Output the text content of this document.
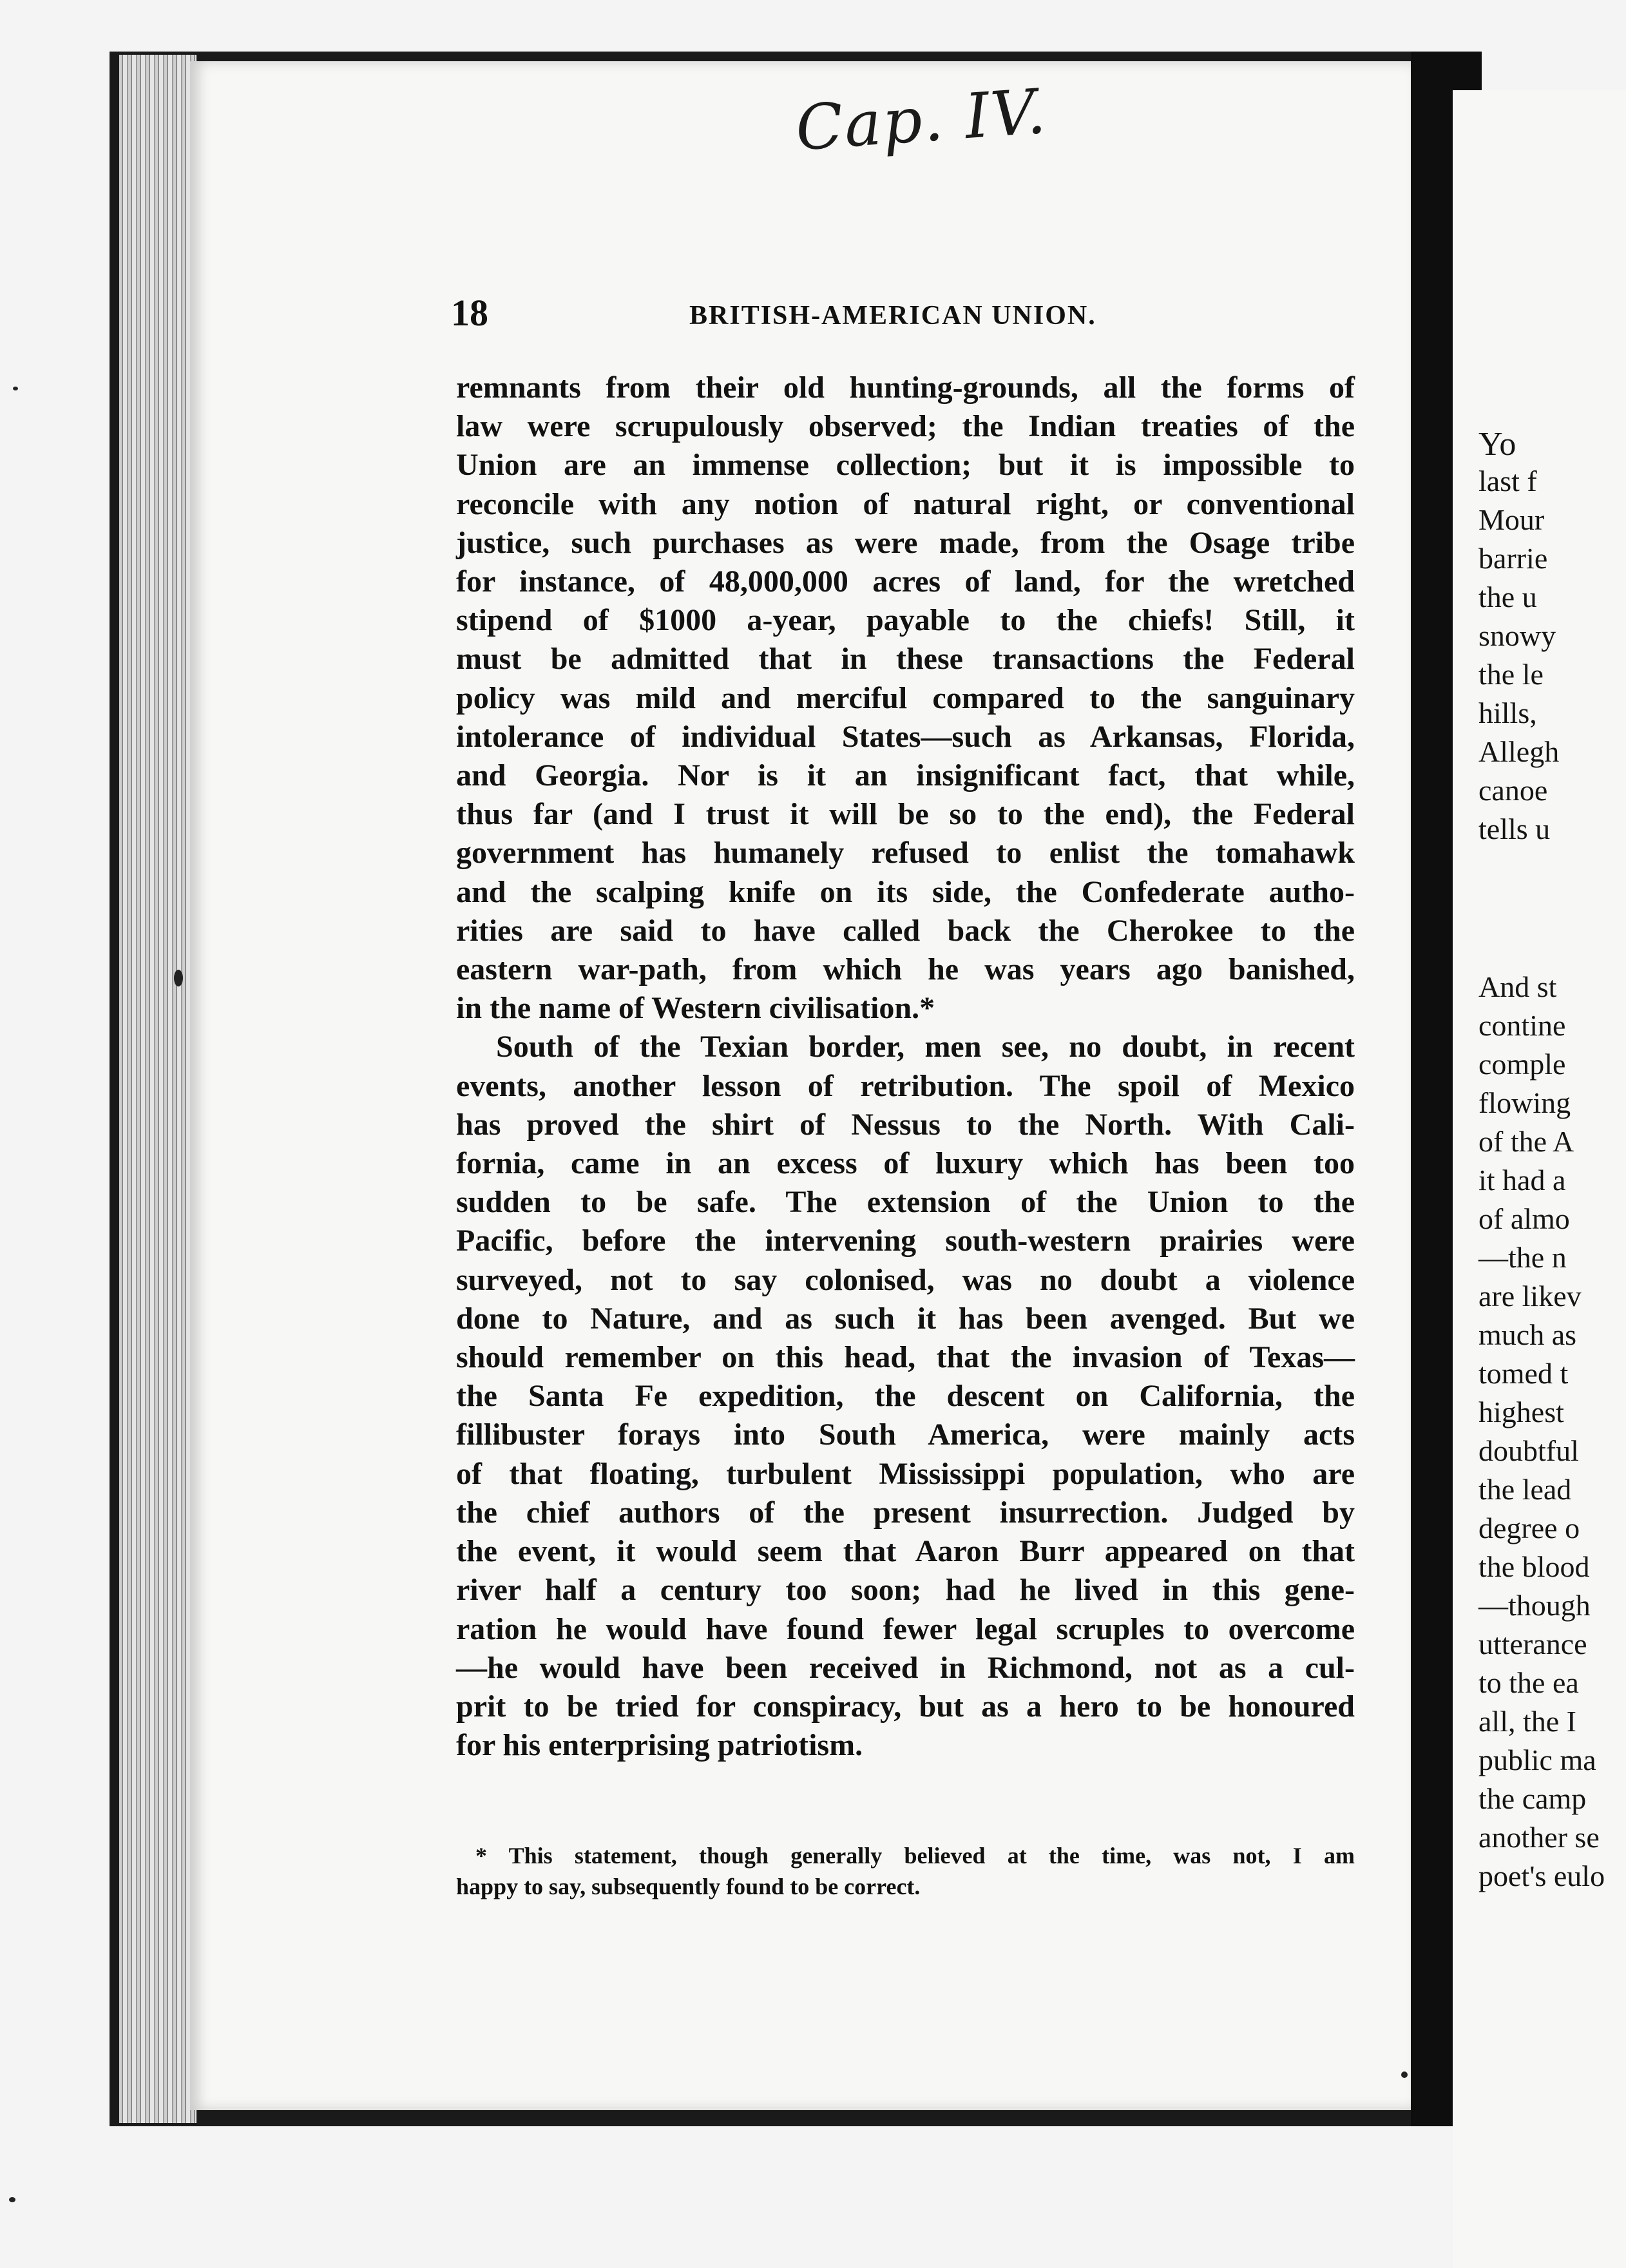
Yo
last f
Mour
barrie
the u
snowy
the le
hills,
Allegh
canoe
tells u
And st
contine
comple
flowing
of the A
it had a
of almo
—the n
are likev
much as
tomed t
highest
doubtful
the lead
degree o
the blood
—though
utterance
to the ea
all, the I
public ma
the camp
another se
poet's eulo
Cap. IV.
18	BRITISH-AMERICAN UNION.
remnants from their old hunting-grounds, all the forms of
law were scrupulously observed; the Indian treaties of the
Union are an immense collection; but it is impossible to
reconcile with any notion of natural right, or conventional
justice, such purchases as were made, from the Osage tribe
for instance, of 48,000,000 acres of land, for the wretched
stipend of $1000 a-year, payable to the chiefs! Still, it
must be admitted that in these transactions the Federal
policy was mild and merciful compared to the sanguinary
intolerance of individual States—such as Arkansas, Florida,
and Georgia. Nor is it an insignificant fact, that while,
thus far (and I trust it will be so to the end), the Federal
government has humanely refused to enlist the tomahawk
and the scalping knife on its side, the Confederate autho-
rities are said to have called back the Cherokee to the
eastern war-path, from which he was years ago banished,
in the name of Western civilisation.*
South of the Texian border, men see, no doubt, in recent
events, another lesson of retribution. The spoil of Mexico
has proved the shirt of Nessus to the North. With Cali-
fornia, came in an excess of luxury which has been too
sudden to be safe. The extension of the Union to the
Pacific, before the intervening south-western prairies were
surveyed, not to say colonised, was no doubt a violence
done to Nature, and as such it has been avenged. But we
should remember on this head, that the invasion of Texas—
the Santa Fe expedition, the descent on California, the
fillibuster forays into South America, were mainly acts
of that floating, turbulent Mississippi population, who are
the chief authors of the present insurrection. Judged by
the event, it would seem that Aaron Burr appeared on that
river half a century too soon; had he lived in this gene-
ration he would have found fewer legal scruples to overcome
—he would have been received in Richmond, not as a cul-
prit to be tried for conspiracy, but as a hero to be honoured
for his enterprising patriotism.
* This statement, though generally believed at the time, was not, I am
happy to say, subsequently found to be correct.
